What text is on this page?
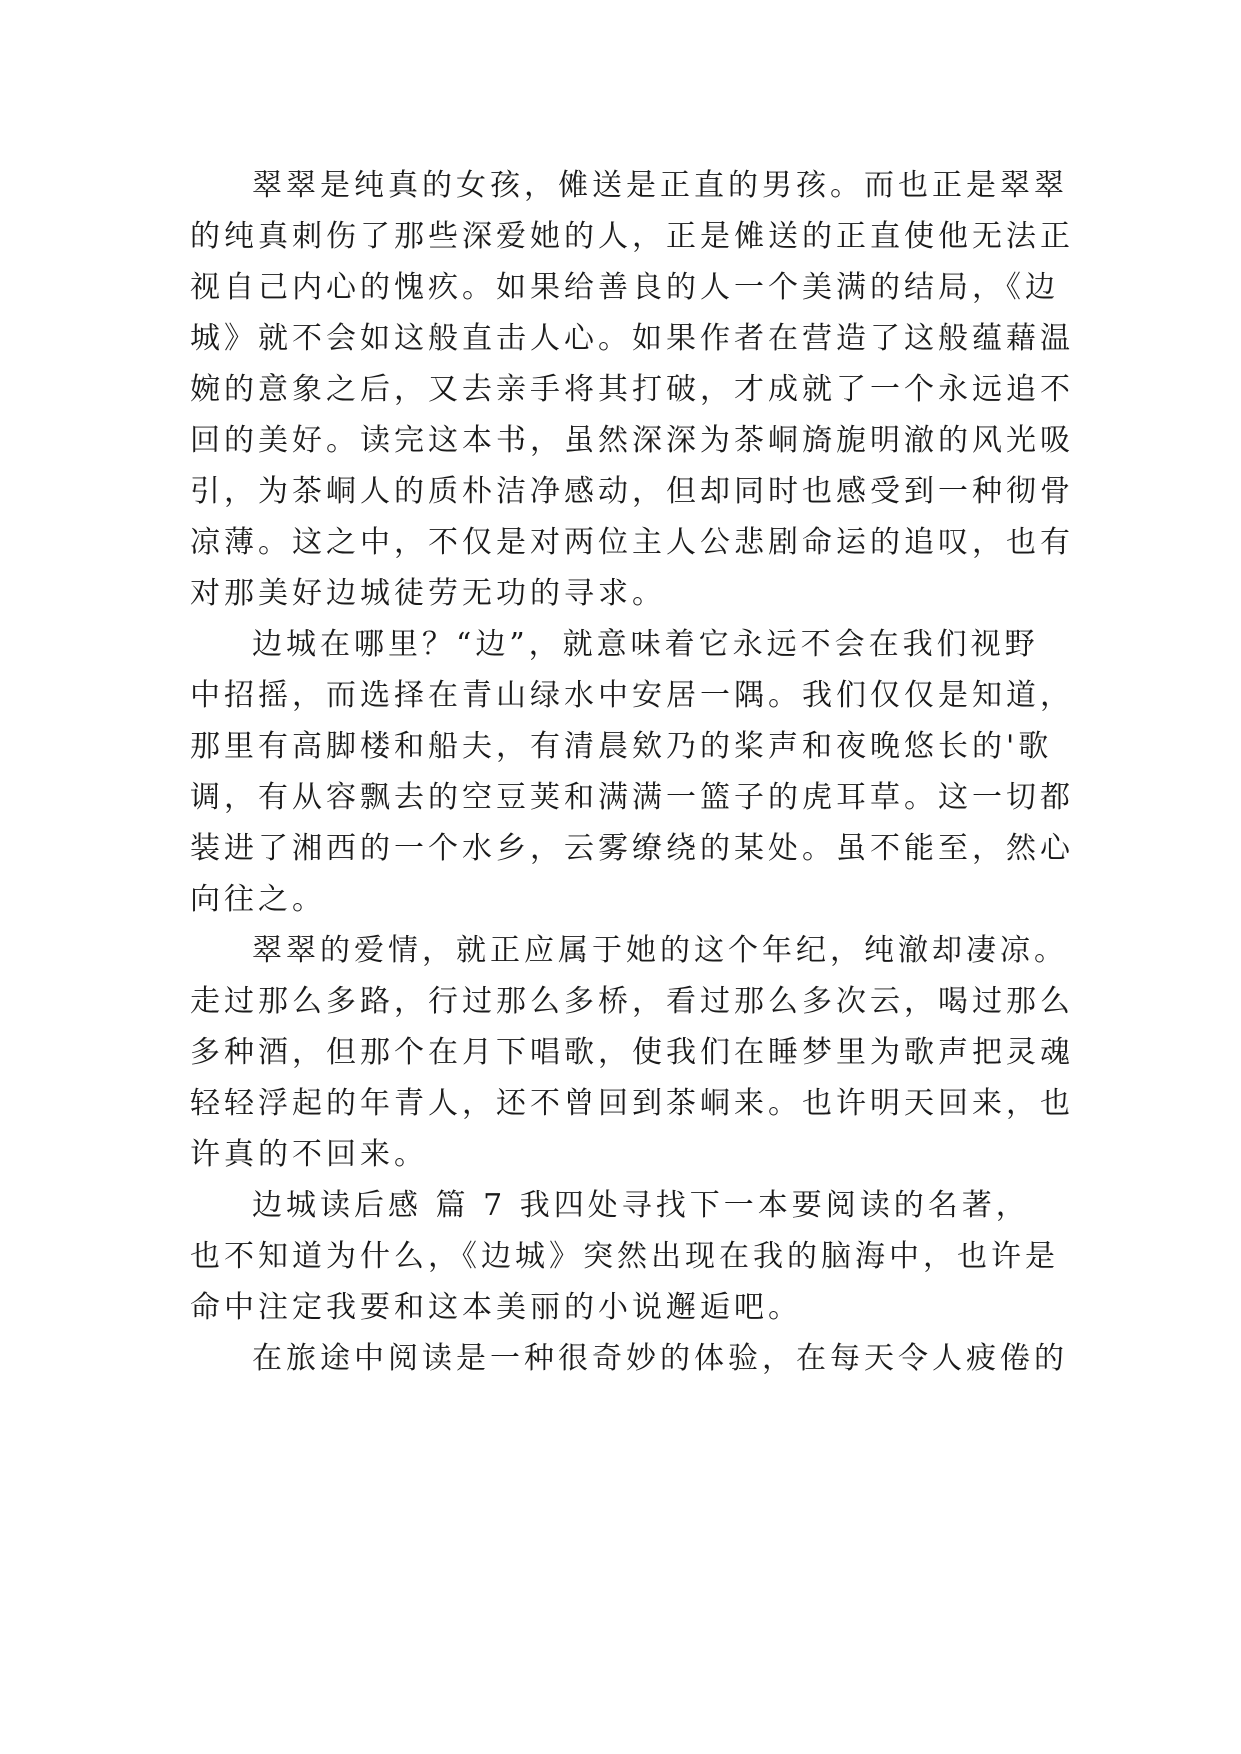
翠翠是纯真的女孩，傩送是正直的男孩。而也正是翠翠
的纯真刺伤了那些深爱她的人，正是傩送的正直使他无法正
视自己内心的愧疚。如果给善良的人一个美满的结局，《边
城》就不会如这般直击人心。如果作者在营造了这般蕴藉温
婉的意象之后，又去亲手将其打破，才成就了一个永远追不
回的美好。读完这本书，虽然深深为茶峒旖旎明澈的风光吸
引，为茶峒人的质朴洁净感动，但却同时也感受到一种彻骨
凉薄。这之中，不仅是对两位主人公悲剧命运的追叹，也有
对那美好边城徒劳无功的寻求。
边城在哪里？“边”，就意味着它永远不会在我们视野
中招摇，而选择在青山绿水中安居一隅。我们仅仅是知道，
那里有高脚楼和船夫，有清晨欸乃的桨声和夜晚悠长的'歌
调，有从容飘去的空豆荚和满满一篮子的虎耳草。这一切都
装进了湘西的一个水乡，云雾缭绕的某处。虽不能至，然心
向往之。
翠翠的爱情，就正应属于她的这个年纪，纯澈却凄凉。
走过那么多路，行过那么多桥，看过那么多次云，喝过那么
多种酒，但那个在月下唱歌，使我们在睡梦里为歌声把灵魂
轻轻浮起的年青人，还不曾回到茶峒来。也许明天回来，也
许真的不回来。
边城读后感 篇 7 我四处寻找下一本要阅读的名著，
也不知道为什么，《边城》突然出现在我的脑海中，也许是
命中注定我要和这本美丽的小说邂逅吧。
在旅途中阅读是一种很奇妙的体验，在每天令人疲倦的
